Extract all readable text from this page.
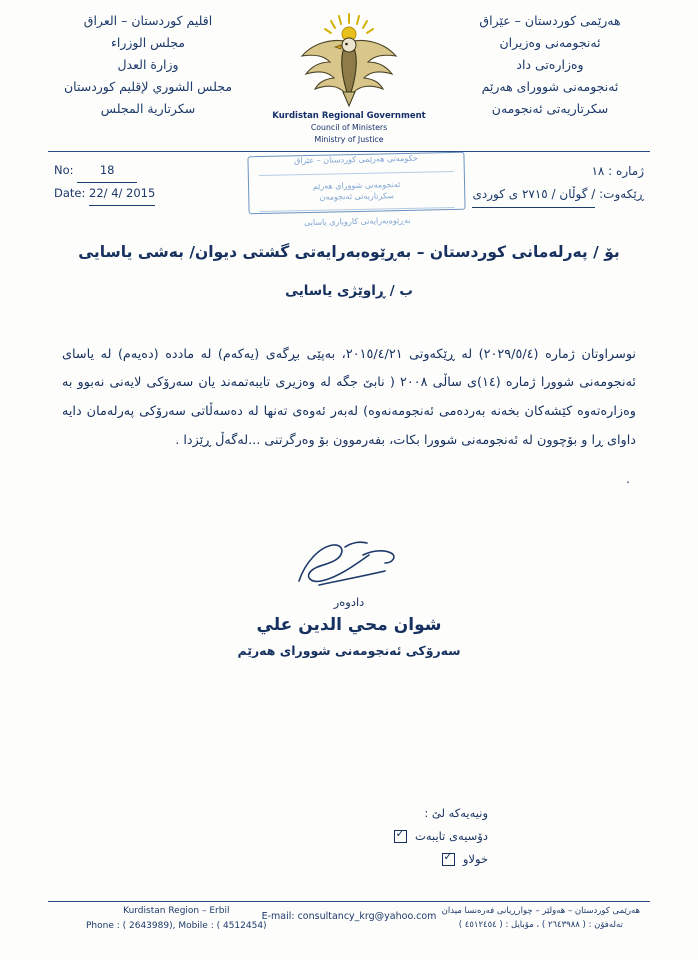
اقليم كوردستان – العراق
مجلس الوزراء
وزارة العدل
مجلس الشوري لإقليم كوردستان
سكرتارية المجلس
Kurdistan Regional Government
Council of Ministers
Ministry of Justice
هەرێمی کوردستان – عێراق
ئەنجومەنی وەزیران
وەزارەتی داد
ئەنجومەنی شوورای هەرێم
سکرتاریەتی ئەنجومەن
No: 18
Date: 22/ 4/ 2015
حکومەتی هەرێمی کوردستان – عێراق
ئەنجومەنی شوورای هەرێم
سکرتاریەتی ئەنجومەن
بەڕێوەبەرایەتی کاروباری یاسایی
ژماره : ١٨
ڕێکەوت: / گوڵان / ٢٧١٥ ی کوردی
بۆ / پەرلەمانی کوردستان – بەڕێوەبەرایەتی گشتی دیوان/ بەشی یاسایی
ب / ڕاوێژی یاسایی

نوسراوتان ژماره (٢٠٢٩/٥/٤) له ڕێکەوتی ٢٠١٥/٤/٢١، بەپێی بڕگەی (یەکەم) له مادده (دەیەم) له یاسای ئەنجومەنی شوورا ژماره (١٤)ی ساڵی ٢٠٠٨ ( نابێ جگه له وەزیری تایبەتمەند یان سەرۆکی لایەنی نەبوو به وەزارەتەوە کێشەکان بخەنە بەردەمی ئەنجومەنەوە) لەبەر ئەوەی تەنها له دەسەڵاتی سەرۆکی پەرلەمان دایه داوای ڕا و بۆچوون له ئەنجومەنی شوورا بکات، بفەرموون بۆ وەرگرتنی ...لەگەڵ ڕێزدا .

.
دادوەر
شوان محي الدين علي
سەرۆکی ئەنجومەنی شوورای هەرێم
ونيەيەكە لێ :
دۆسیەی تایبەت
✓
خولاو
✓
Kurdistan Region – Erbil
Phone : ( 2643989), Mobile : ( 4512454)
E-mail: consultancy_krg@yahoo.com هەرێمی کوردستان – هەولێر – چوارڕیانی فەرەنسا میدان
تەلەفۆن : ( ٢٦٤٣٩٨٨ ) ، مۆبایل : ( ٤٥١٢٤٥٤ )
